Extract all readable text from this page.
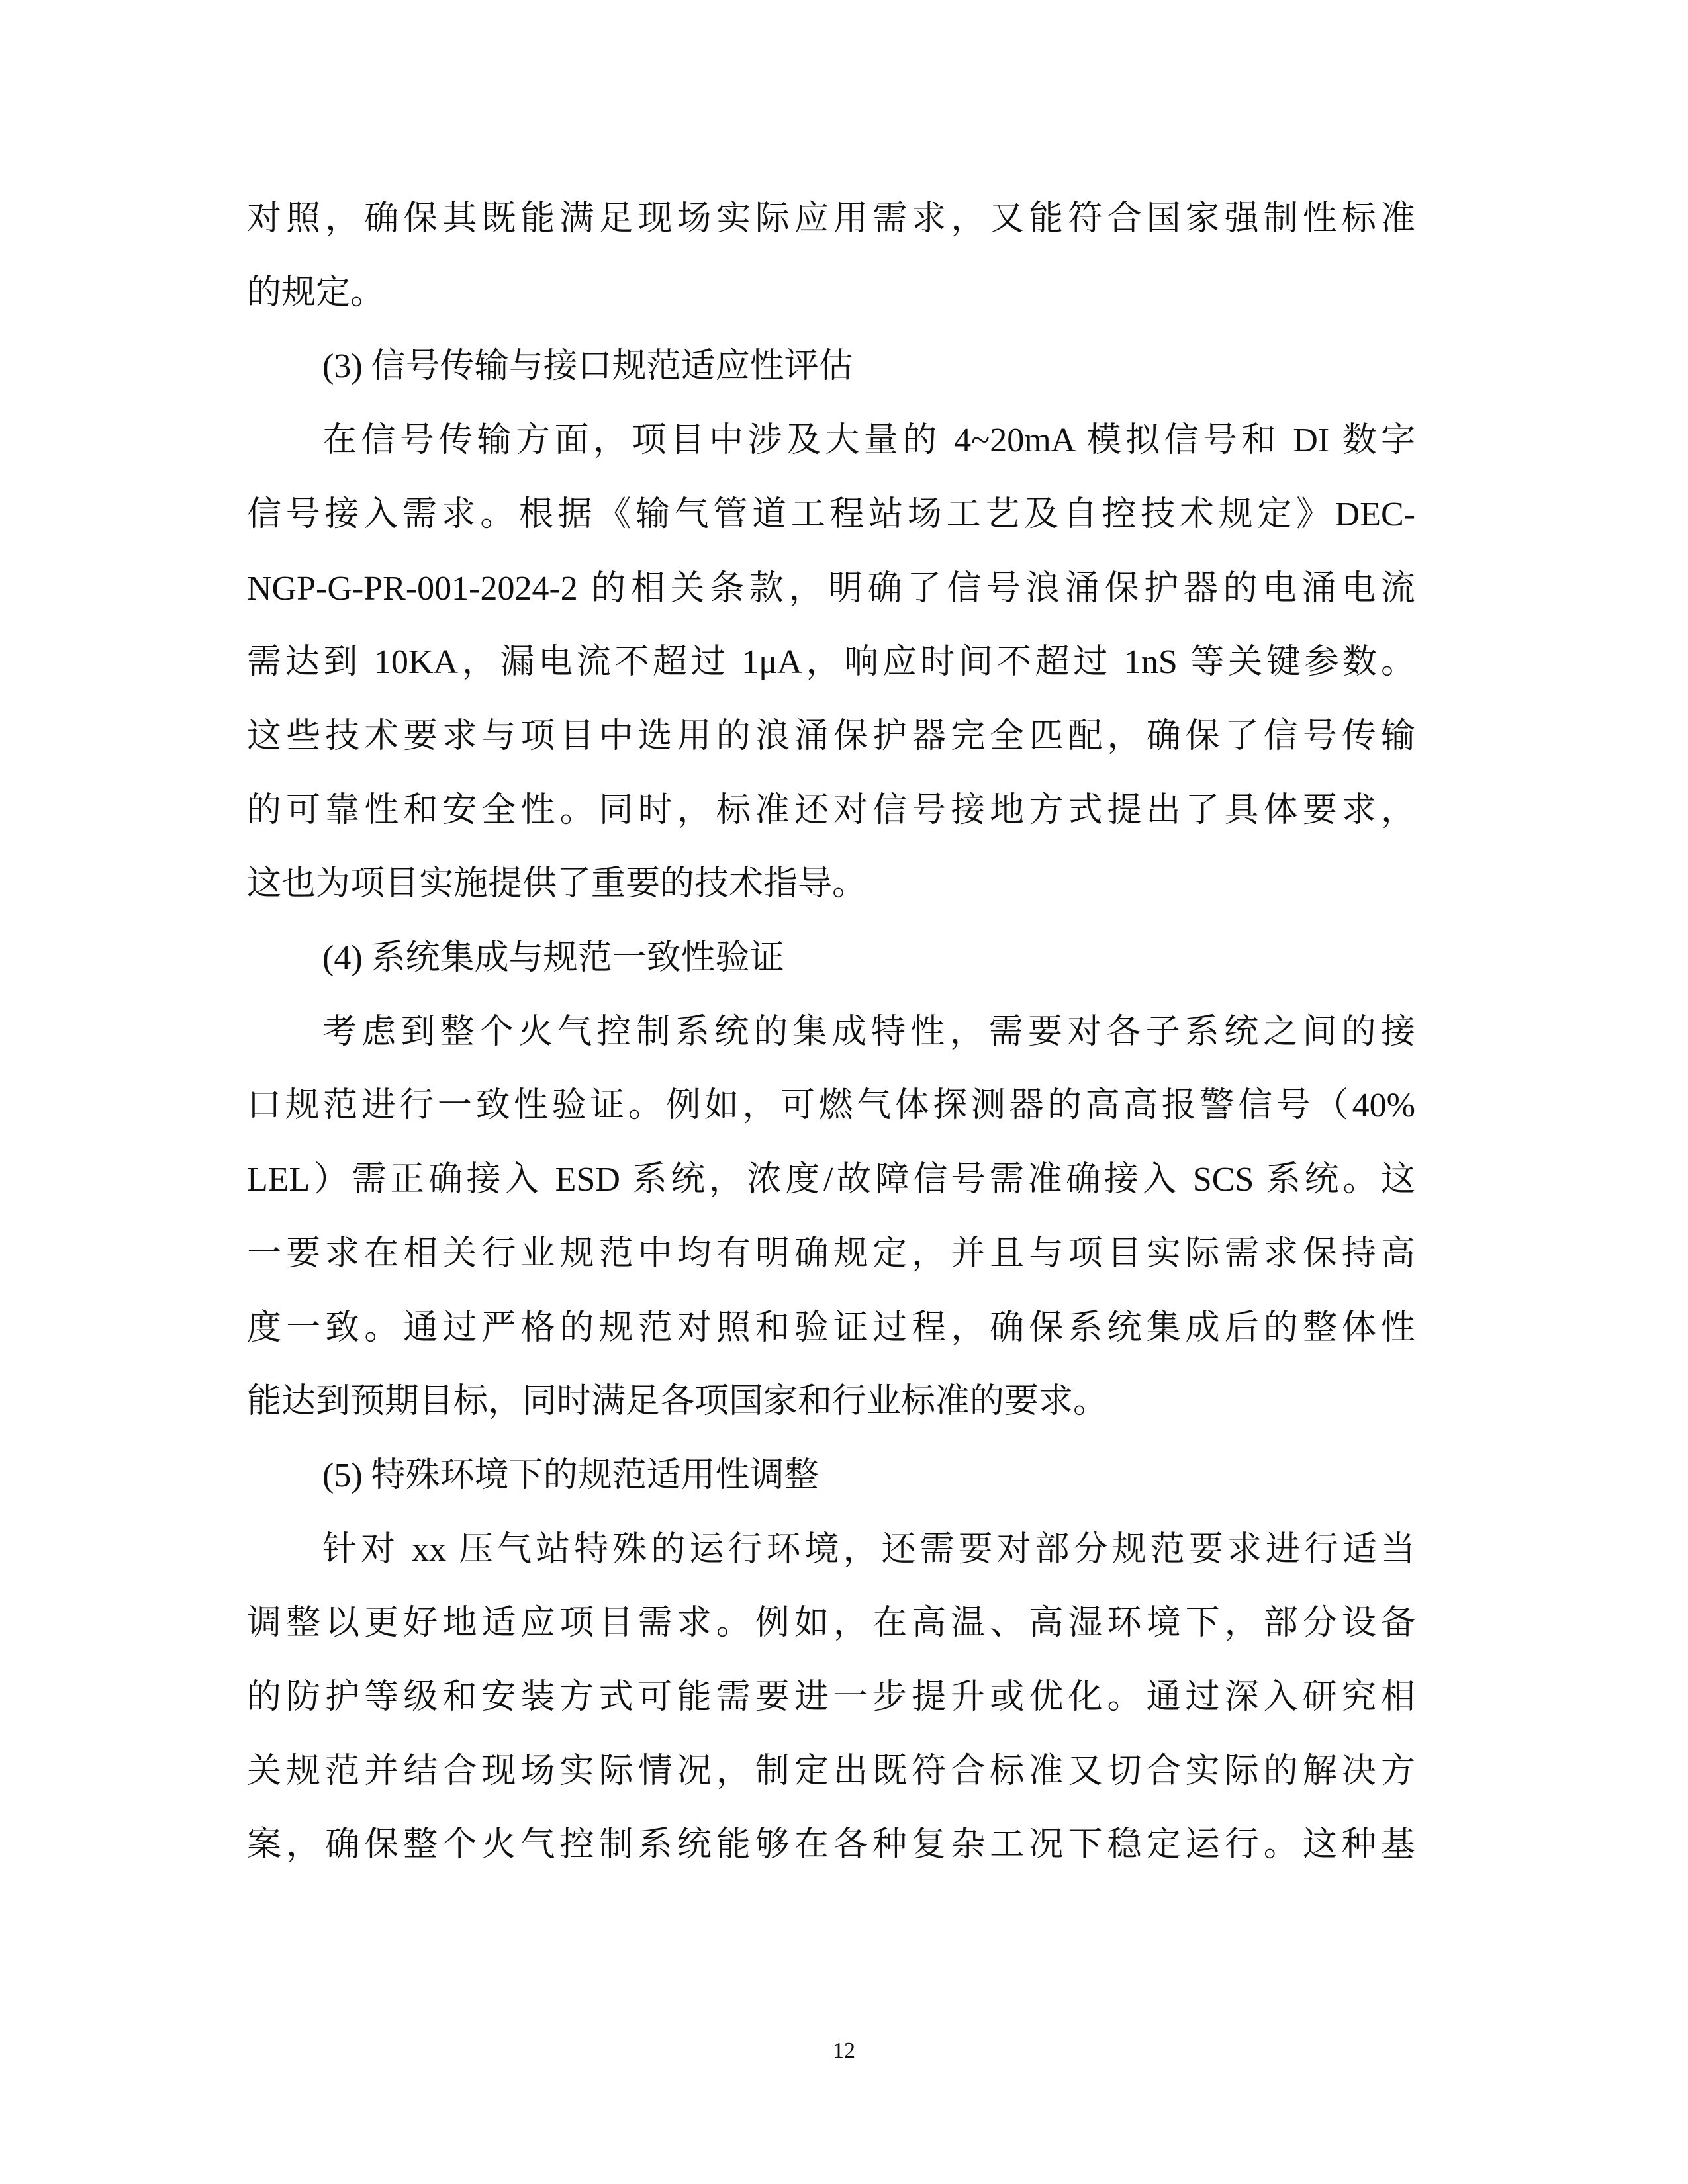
对照，确保其既能满足现场实际应用需求，又能符合国家强制性标准
的规定。
(3) 信号传输与接口规范适应性评估
在信号传输方面，项目中涉及大量的 4~20mA 模拟信号和 DI 数字
信号接入需求。根据《输气管道工程站场工艺及自控技术规定》DEC-
NGP-G-PR-001-2024-2 的相关条款，明确了信号浪涌保护器的电涌电流
需达到 10KA，漏电流不超过 1μA，响应时间不超过 1nS 等关键参数。
这些技术要求与项目中选用的浪涌保护器完全匹配，确保了信号传输
的可靠性和安全性。同时，标准还对信号接地方式提出了具体要求，
这也为项目实施提供了重要的技术指导。
(4) 系统集成与规范一致性验证
考虑到整个火气控制系统的集成特性，需要对各子系统之间的接
口规范进行一致性验证。例如，可燃气体探测器的高高报警信号（40%
LEL）需正确接入 ESD 系统，浓度/故障信号需准确接入 SCS 系统。这
一要求在相关行业规范中均有明确规定，并且与项目实际需求保持高
度一致。通过严格的规范对照和验证过程，确保系统集成后的整体性
能达到预期目标，同时满足各项国家和行业标准的要求。
(5) 特殊环境下的规范适用性调整
针对 xx 压气站特殊的运行环境，还需要对部分规范要求进行适当
调整以更好地适应项目需求。例如，在高温、高湿环境下，部分设备
的防护等级和安装方式可能需要进一步提升或优化。通过深入研究相
关规范并结合现场实际情况，制定出既符合标准又切合实际的解决方
案，确保整个火气控制系统能够在各种复杂工况下稳定运行。这种基
12
